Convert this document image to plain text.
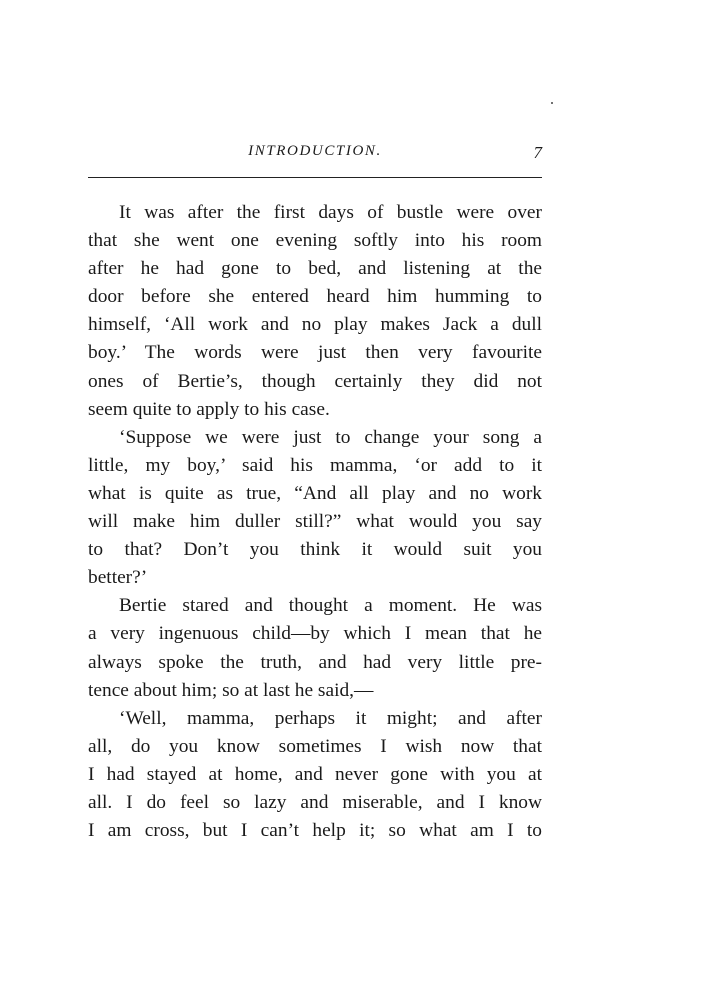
INTRODUCTION.	7
It was after the first days of bustle were over
that she went one evening softly into his room
after he had gone to bed, and listening at the
door before she entered heard him humming to
himself, ‘All work and no play makes Jack a dull
boy.’ The words were just then very favourite
ones of Bertie’s, though certainly they did not
seem quite to apply to his case.
‘Suppose we were just to change your song a
little, my boy,’ said his mamma, ‘or add to it
what is quite as true, “And all play and no work
will make him duller still?” what would you say
to that? Don’t you think it would suit you
better?’
Bertie stared and thought a moment. He was
a very ingenuous child—by which I mean that he
always spoke the truth, and had very little pre-
tence about him; so at last he said,—
‘Well, mamma, perhaps it might; and after
all, do you know sometimes I wish now that
I had stayed at home, and never gone with you at
all. I do feel so lazy and miserable, and I know
I am cross, but I can’t help it; so what am I to
